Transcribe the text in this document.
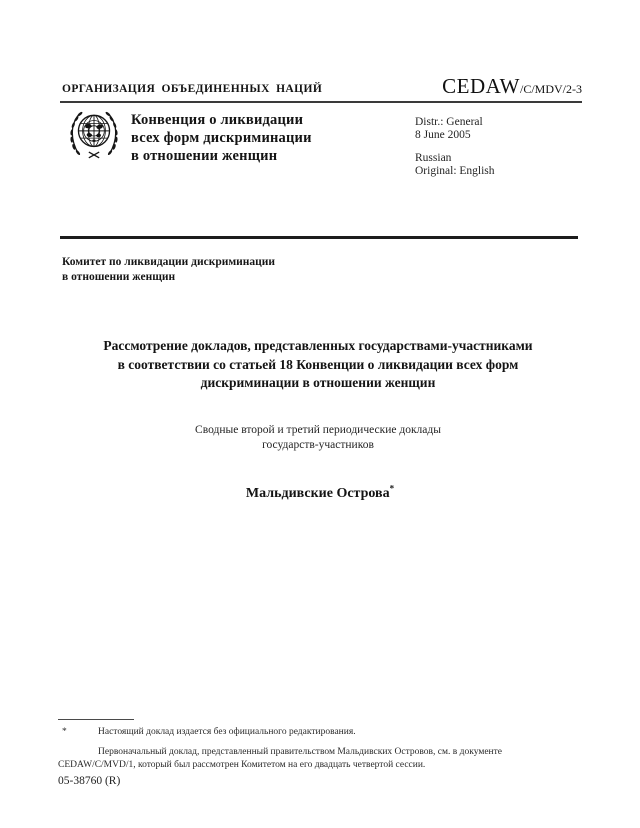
ОРГАНИЗАЦИЯ ОБЪЕДИНЕННЫХ НАЦИЙ	CEDAW/C/MDV/2-3
Конвенция о ликвидации
всех форм дискриминации
в отношении женщин
Distr.: General
8 June 2005
Russian
Original: English
Комитет по ликвидации дискриминации
в отношении женщин
Рассмотрение докладов, представленных государствами-участниками
в соответствии со статьей 18 Конвенции о ликвидации всех форм
дискриминации в отношении женщин
Сводные второй и третий периодические доклады
государств-участников
Мальдивские Острова*
*	Настоящий доклад издается без официального редактирования.
Первоначальный доклад, представленный правительством Мальдивских Островов, см. в документе CEDAW/C/MVD/1, который был рассмотрен Комитетом на его двадцать четвертой сессии.
05-38760 (R)
